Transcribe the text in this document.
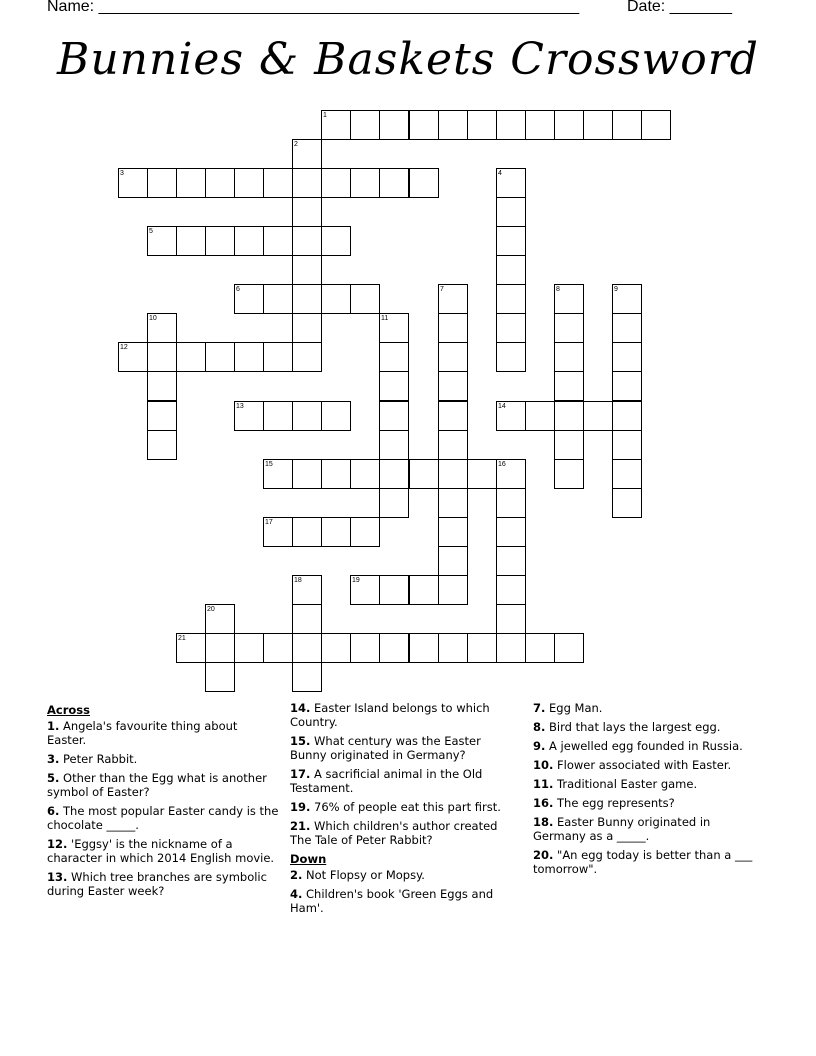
Name: ______________________________________________________	Date: _______
Bunnies & Baskets Crossword
1
3
5
6
12
13	14
15
17
19
21
2
4
7	8	9
10	11
16
18
20
Across
1. Angela's favourite thing about Easter.
3. Peter Rabbit.
5. Other than the Egg what is another symbol of Easter?
6. The most popular Easter candy is the chocolate _____.
12. 'Eggsy' is the nickname of a character in which 2014 English movie.
13. Which tree branches are symbolic during Easter week?
14. Easter Island belongs to which Country.
15. What century was the Easter Bunny originated in Germany?
17. A sacrificial animal in the Old Testament.
19. 76% of people eat this part first.
21. Which children's author created The Tale of Peter Rabbit?
Down
2. Not Flopsy or Mopsy.
4. Children's book 'Green Eggs and Ham'.
7. Egg Man.
8. Bird that lays the largest egg.
9. A jewelled egg founded in Russia.
10. Flower associated with Easter.
11. Traditional Easter game.
16. The egg represents?
18. Easter Bunny originated in Germany as a _____.
20. "An egg today is better than a ___ tomorrow".
